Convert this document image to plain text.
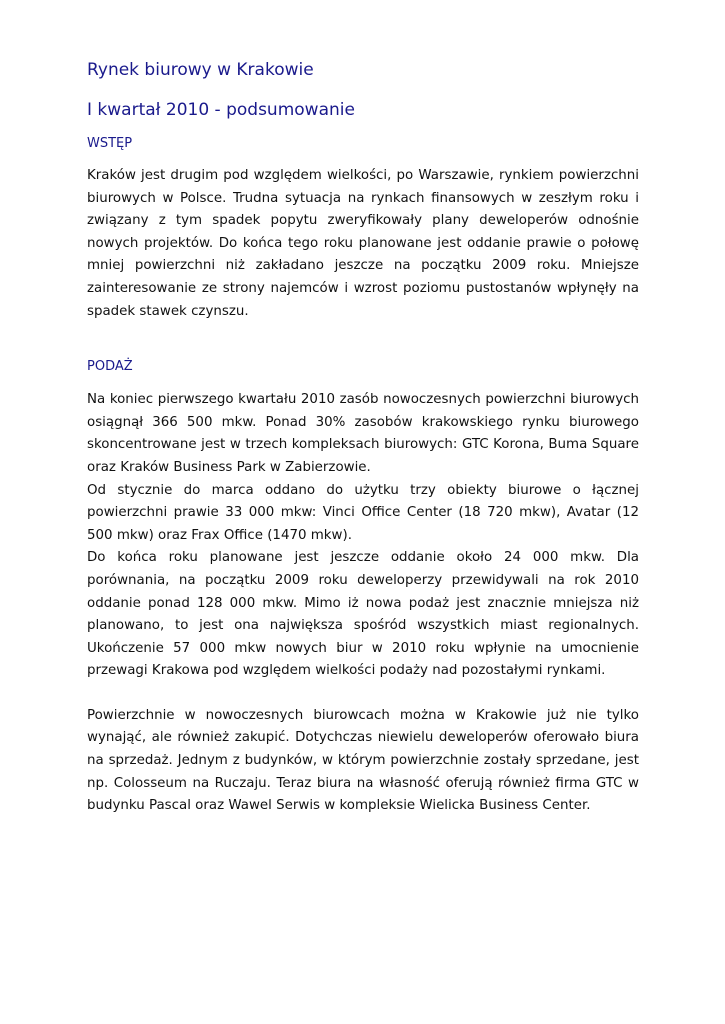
Rynek biurowy w Krakowie
I kwartał 2010 - podsumowanie
WSTĘP

Kraków jest drugim pod względem wielkości, po Warszawie, rynkiem powierzchni biurowych w Polsce. Trudna sytuacja na rynkach finansowych w zeszłym roku i związany z tym spadek popytu zweryfikowały plany deweloperów odnośnie nowych projektów. Do końca tego roku planowane jest oddanie prawie o połowę mniej powierzchni niż zakładano jeszcze na początku 2009 roku. Mniejsze zainteresowanie ze strony najemców i wzrost poziomu pustostanów wpłynęły na spadek stawek czynszu.

PODAŻ

Na koniec pierwszego kwartału 2010 zasób nowoczesnych powierzchni biurowych osiągnął 366 500 mkw. Ponad 30% zasobów krakowskiego rynku biurowego skoncentrowane jest w trzech kompleksach biurowych: GTC Korona, Buma Square oraz Kraków Business Park w Zabierzowie.

Od stycznie do marca oddano do użytku trzy obiekty biurowe o łącznej powierzchni prawie 33 000 mkw: Vinci Office Center (18 720 mkw), Avatar (12 500 mkw) oraz Frax Office (1470 mkw).

Do końca roku planowane jest jeszcze oddanie około 24 000 mkw. Dla porównania, na początku 2009 roku deweloperzy przewidywali na rok 2010 oddanie ponad 128 000 mkw. Mimo iż nowa podaż jest znacznie mniejsza niż planowano, to jest ona największa spośród wszystkich miast regionalnych. Ukończenie 57 000 mkw nowych biur w 2010 roku wpłynie na umocnienie przewagi Krakowa pod względem wielkości podaży nad pozostałymi rynkami.

Powierzchnie w nowoczesnych biurowcach można w Krakowie już nie tylko wynająć, ale również zakupić. Dotychczas niewielu deweloperów oferowało biura na sprzedaż. Jednym z budynków, w którym powierzchnie zostały sprzedane, jest np. Colosseum na Ruczaju. Teraz biura na własność oferują również firma GTC w budynku Pascal oraz Wawel Serwis w kompleksie Wielicka Business Center.
